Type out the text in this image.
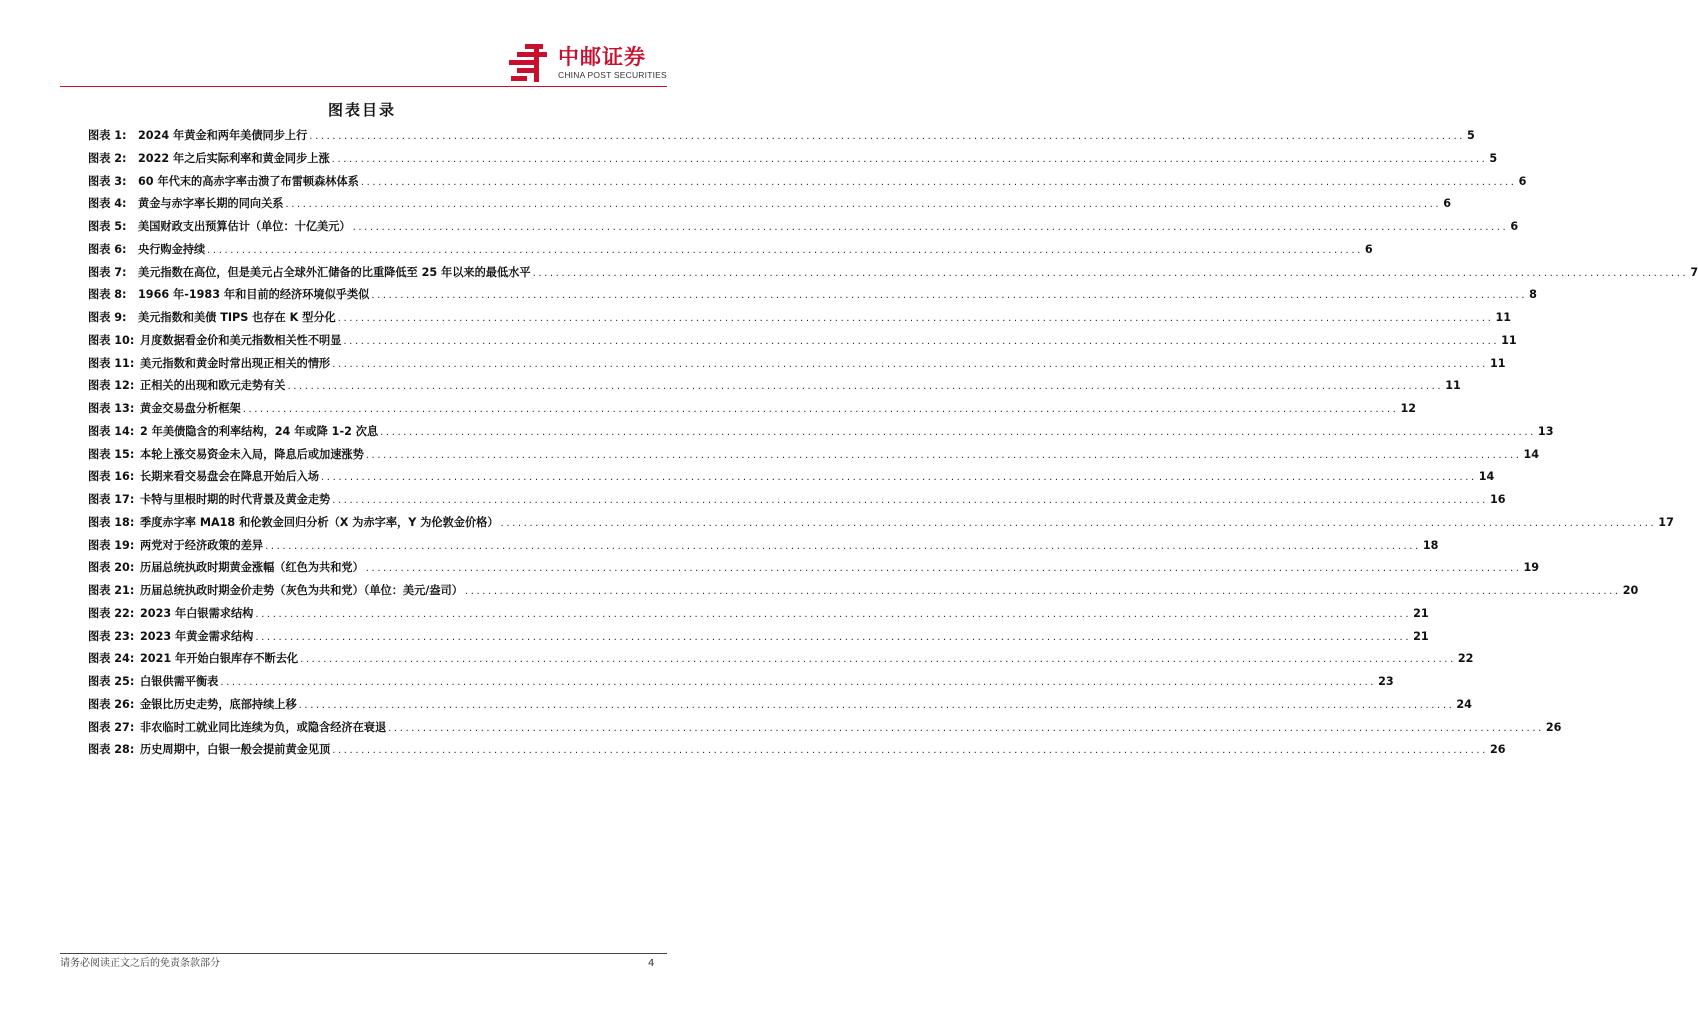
中邮证券
CHINA POST SECURITIES
图表目录
图表 1:	2024 年黄金和两年美债同步上行 ........................................................................................................................................................................................................ 5
图表 2:	2022 年之后实际利率和黄金同步上涨 ........................................................................................................................................................................................................ 5
图表 3:	60 年代末的高赤字率击溃了布雷顿森林体系 ........................................................................................................................................................................................................ 6
图表 4:	黄金与赤字率长期的同向关系 ........................................................................................................................................................................................................ 6
图表 5:	美国财政支出预算估计（单位：十亿美元） ........................................................................................................................................................................................................ 6
图表 6:	央行购金持续 ........................................................................................................................................................................................................ 6
图表 7:	美元指数在高位，但是美元占全球外汇储备的比重降低至 25 年以来的最低水平 ........................................................................................................................................................................................................ 7
图表 8:	1966 年-1983 年和目前的经济环境似乎类似 ........................................................................................................................................................................................................ 8
图表 9:	美元指数和美债 TIPS 也存在 K 型分化 ........................................................................................................................................................................................................ 11
图表 10: 月度数据看金价和美元指数相关性不明显 ........................................................................................................................................................................................................ 11
图表 11: 美元指数和黄金时常出现正相关的情形 ........................................................................................................................................................................................................ 11
图表 12: 正相关的出现和欧元走势有关 ........................................................................................................................................................................................................ 11
图表 13: 黄金交易盘分析框架 ........................................................................................................................................................................................................ 12
图表 14: 2 年美债隐含的利率结构，24 年或降 1-2 次息 ........................................................................................................................................................................................................ 13
图表 15: 本轮上涨交易资金未入局，降息后或加速涨势 ........................................................................................................................................................................................................ 14
图表 16: 长期来看交易盘会在降息开始后入场 ........................................................................................................................................................................................................ 14
图表 17: 卡特与里根时期的时代背景及黄金走势 ........................................................................................................................................................................................................ 16
图表 18: 季度赤字率 MA18 和伦敦金回归分析（X 为赤字率，Y 为伦敦金价格） ........................................................................................................................................................................................................ 17
图表 19: 两党对于经济政策的差异 ........................................................................................................................................................................................................ 18
图表 20: 历届总统执政时期黄金涨幅（红色为共和党） ........................................................................................................................................................................................................ 19
图表 21: 历届总统执政时期金价走势（灰色为共和党）（单位：美元/盎司） ........................................................................................................................................................................................................ 20
图表 22: 2023 年白银需求结构 ........................................................................................................................................................................................................ 21
图表 23: 2023 年黄金需求结构 ........................................................................................................................................................................................................ 21
图表 24: 2021 年开始白银库存不断去化 ........................................................................................................................................................................................................ 22
图表 25: 白银供需平衡表 ........................................................................................................................................................................................................ 23
图表 26: 金银比历史走势，底部持续上移 ........................................................................................................................................................................................................ 24
图表 27: 非农临时工就业同比连续为负，或隐含经济在衰退 ........................................................................................................................................................................................................ 26
图表 28: 历史周期中，白银一般会提前黄金见顶 ........................................................................................................................................................................................................ 26
请务必阅读正文之后的免责条款部分	4
